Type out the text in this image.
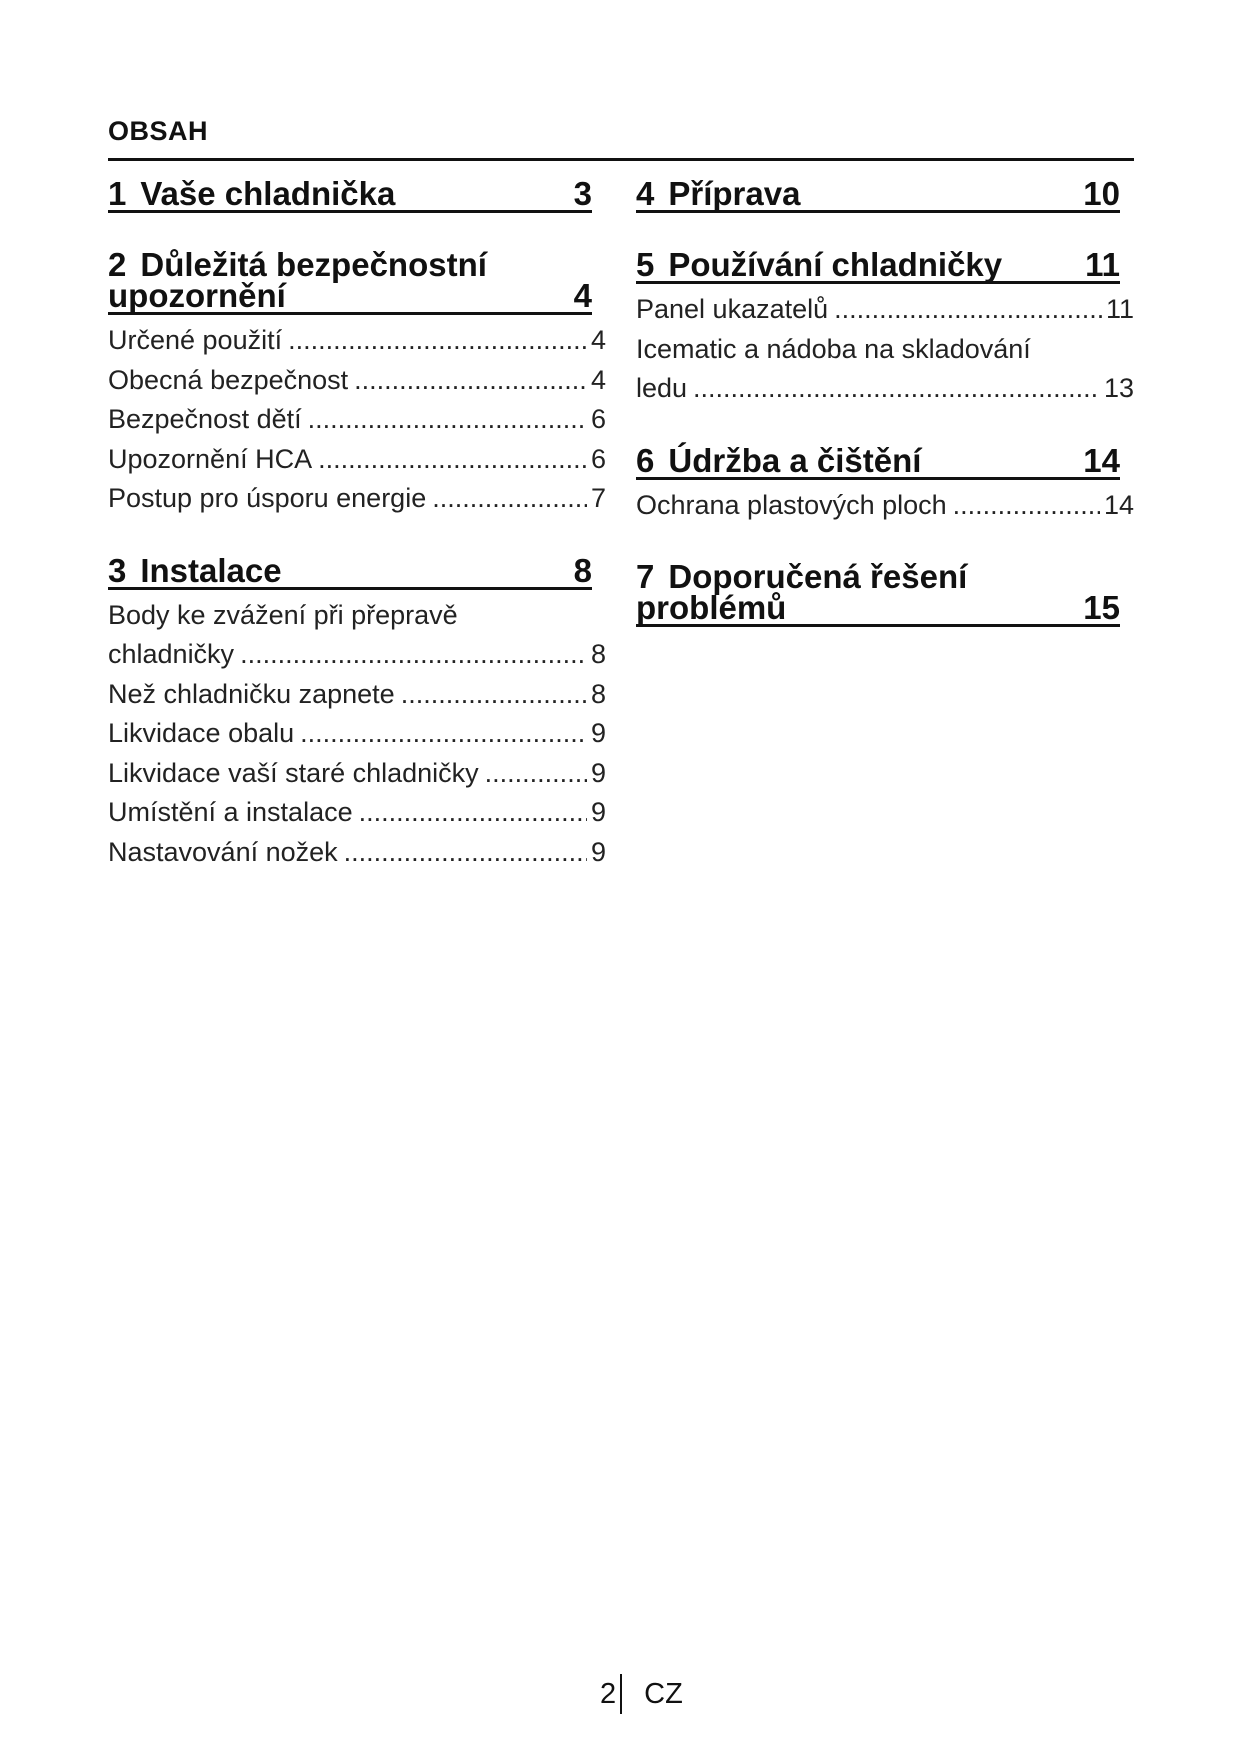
OBSAH
1 Vaše chladnička	3
2 Důležitá bezpečnostní upozornění	4
Určené použití .....	4
Obecná bezpečnost .....	4
Bezpečnost dětí .....	6
Upozornění HCA .....	6
Postup pro úsporu energie .....	7
3 Instalace	8
Body ke zvážení při přepravě
chladničky .....	8
Než chladničku zapnete .....	8
Likvidace obalu .....	9
Likvidace vaší staré chladničky .....	9
Umístění a instalace .....	9
Nastavování nožek .....	9
4 Příprava	10
5 Používání chladničky	11
Panel ukazatelů .....	11
Icematic a nádoba na skladování
ledu .....	13
6 Údržba a čištění	14
Ochrana plastových ploch .....	14
7 Doporučená řešení problémů	15
2 CZ
